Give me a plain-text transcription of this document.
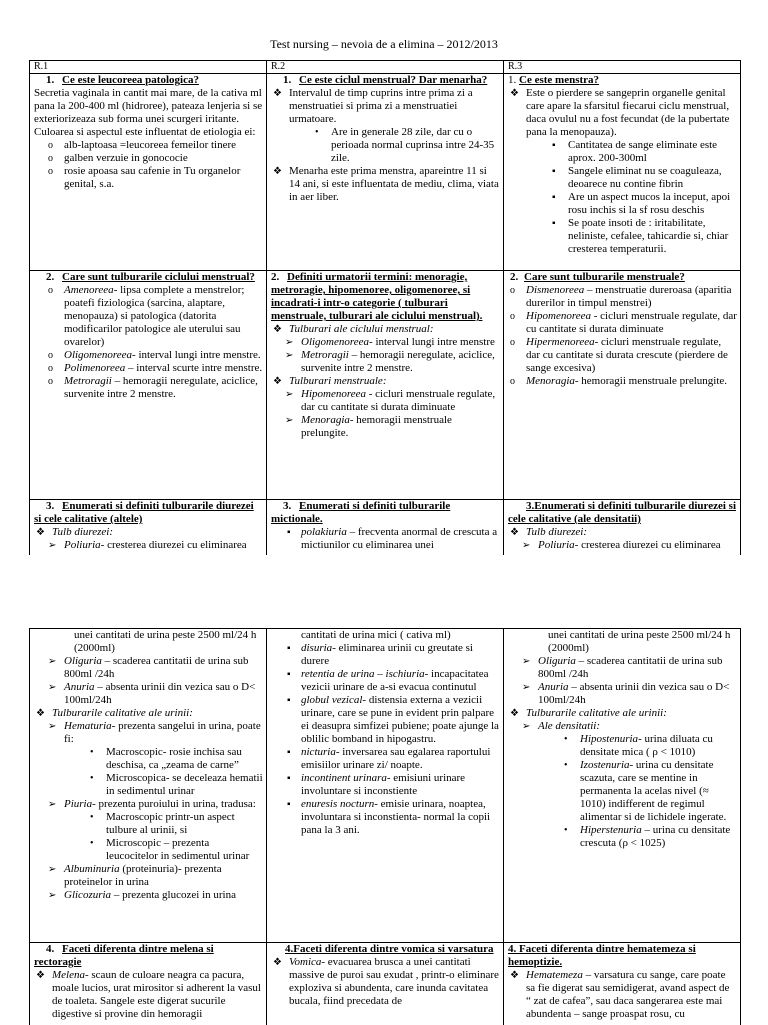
Test nursing – nevoia de a elimina – 2012/2013
R.1	R.2	R.3

1. Ce este leucoreea patologica?

Secretia vaginala in cantit mai mare, de la cativa ml pana la 200-400 ml (hidroree), pateaza lenjeria si se exteriorizeaza sub forma unei scurgeri iritante.

Culoarea si aspectul este influentat de etiologia ei:

o alb-laptoasa =leucoreea femeilor tinere
o galben verzuie in gonococie
o rosie apoasa sau cafenie in Tu organelor genital, s.a.

1. Ce este ciclul menstrual? Dar menarha?

❖ Intervalul de timp cuprins intre prima zi a menstruatiei si prima zi a menstruatiei urmatoare.
• Are in generale 28 zile, dar cu o perioada normal cuprinsa intre 24-35 zile.
❖ Menarha este prima menstra, apareintre 11 si 14 ani, si este influentata de mediu, clima, viata in aer liber.

1. Ce este menstra?

❖ Este o pierdere se sangeprin organelle genital care apare la sfarsitul fiecarui ciclu menstrual, daca ovulul nu a fost fecundat (de la pubertate pana la menopauza).
▪ Cantitatea de sange eliminate este aprox. 200-300ml
▪ Sangele eliminat nu se coaguleaza, deoarece nu contine fibrin
▪ Are un aspect mucos la inceput, apoi rosu inchis si la sf rosu deschis
▪ Se poate insoti de : iritabilitate, neliniste, cefalee, tahicardie si, chiar cresterea temperaturii.

2. Care sunt tulburarile ciclului menstrual?

o Amenoreea- lipsa complete a menstrelor; poatefi fiziologica (sarcina, alaptare, menopauza) si patologica (datorita modificarilor patologice ale uterului sau ovarelor)
o Oligomenoreea- interval lungi intre menstre.
o Polimenoreea – interval scurte intre menstre.
o Metroragii – hemoragii neregulate, aciclice, survenite intre 2 menstre.

2. Definiti urmatorii termini: menoragie, metroragie, hipomenoree, oligomenoree, si incadrati-i intr-o categorie ( tulburari menstruale, tulburari ale ciclului menstrual).

❖ Tulburari ale ciclului menstrual:
➢ Oligomenoreea- interval lungi intre menstre
➢ Metroragii – hemoragii neregulate, aciclice, survenite intre 2 menstre.
❖ Tulburari menstruale:
➢ Hipomenoreea - cicluri menstruale regulate, dar cu cantitate si durata diminuate
➢ Menoragia- hemoragii menstruale prelungite.

2. Care sunt tulburarile menstruale?

o Dismenoreea – menstruatie dureroasa (aparitia durerilor in timpul menstrei)
o Hipomenoreea - cicluri menstruale regulate, dar cu cantitate si durata diminuate
o Hipermenoreea- cicluri menstruale regulate, dar cu cantitate si durata crescute (pierdere de sange excesiva)
o Menoragia- hemoragii menstruale prelungite.

3. Enumerati si definiti tulburarile diurezei si cele calitative (altele)

❖ Tulb diurezei:
➢ Poliuria- cresterea diurezei cu eliminarea

3. Enumerati si definiti tulburarile mictionale.

▪ polakiuria – frecventa anormal de crescuta a mictiunilor cu eliminarea unei

3.Enumerati si definiti tulburarile diurezei si cele calitative (ale densitatii)

❖ Tulb diurezei:
➢ Poliuria- cresterea diurezei cu eliminarea
unei cantitati de urina peste 2500 ml/24 h (2000ml)
➢ Oliguria – scaderea cantitatii de urina sub 800ml /24h
➢ Anuria – absenta urinii din vezica sau o D< 100ml/24h
❖ Tulburarile calitative ale urinii:
➢ Hematuria- prezenta sangelui in urina, poate fi:
• Macroscopic- rosie inchisa sau deschisa, ca „zeama de carne”
• Microscopica- se deceleaza hematii in sedimentul urinar
➢ Piuria- prezenta puroiului in urina, tradusa:
• Macroscopic printr-un aspect tulbure al urinii, si
• Microscopic – prezenta leucocitelor in sedimentul urinar
➢ Albuminuria (proteinuria)- prezenta proteinelor in urina
➢ Glicozuria – prezenta glucozei in urina
cantitati de urina mici ( cativa ml)
▪ disuria- eliminarea urinii cu greutate si durere
▪ retentia de urina – ischiuria- incapacitatea vezicii urinare de a-si evacua continutul
▪ globul vezical- distensia externa a vezicii urinare, care se pune in evident prin palpare ei deasupra simfizei pubiene; poate ajunge la oblilic bomband in hipogastru.
▪ nicturia- inversarea sau egalarea raportului emisiilor urinare zi/ noapte.
▪ incontinent urinara- emisiuni urinare involuntare si inconstiente
▪ enuresis nocturn- emisie urinara, noaptea, involuntara si inconstienta- normal la copii pana la 3 ani.
unei cantitati de urina peste 2500 ml/24 h (2000ml)
➢ Oliguria – scaderea cantitatii de urina sub 800ml /24h
➢ Anuria – absenta urinii din vezica sau o D< 100ml/24h
❖ Tulburarile calitative ale urinii:
➢ Ale densitatii:
• Hipostenuria- urina diluata cu densitate mica ( ρ < 1010)
• Izostenuria- urina cu densitate scazuta, care se mentine in permanenta la acelas nivel (≈ 1010) indifferent de regimul alimentar si de lichidele ingerate.
• Hiperstenuria – urina cu densitate crescuta (ρ < 1025)

4. Faceti diferenta dintre melena si rectoragie

❖ Melena- scaun de culoare neagra ca pacura, moale lucios, urat mirositor si adherent la vasul de toaleta. Sangele este digerat sucurile digestive si provine din hemoragii

4.Faceti diferenta dintre vomica si varsatura

❖ Vomica- evacuarea brusca a unei cantitati massive de puroi sau exudat , printr-o eliminare exploziva si abundenta, care inunda cavitatea bucala, fiind precedata de

4. Faceti diferenta dintre hematemeza si hemoptizie.

❖ Hematemeza – varsatura cu sange, care poate sa fie digerat sau semidigerat, avand aspect de “ zat de cafea”, sau daca sangerarea este mai abundenta – sange proaspat rosu, cu
